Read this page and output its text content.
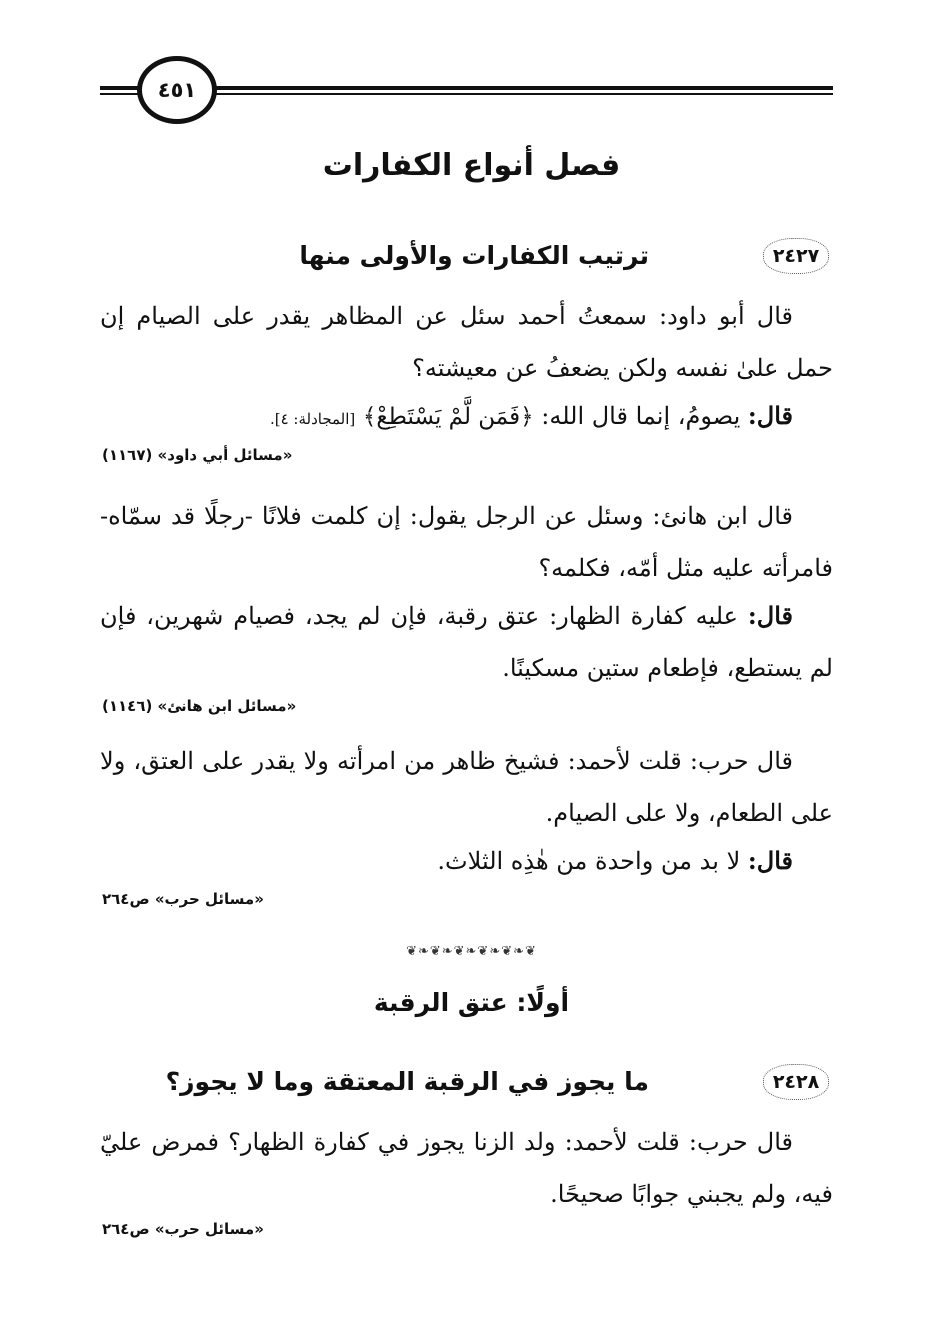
٤٥١
فصل أنواع الكفارات
٢٤٢٧
ترتيب الكفارات والأولى منها

قال أبو داود: سمعتُ أحمد سئل عن المظاهر يقدر على الصيام إن حمل علىٰ نفسه ولكن يضعفُ عن معيشته؟

قال: يصومُ، إنما قال الله: ﴿فَمَن لَّمْ يَسْتَطِعْ﴾ [المجادلة: ٤].

«مسائل أبي داود» (١١٦٧)

قال ابن هانئ: وسئل عن الرجل يقول: إن كلمت فلانًا -رجلًا قد سمّاه- فامرأته عليه مثل أمّه، فكلمه؟

قال: عليه كفارة الظهار: عتق رقبة، فإن لم يجد، فصيام شهرين، فإن لم يستطع، فإطعام ستين مسكينًا.

«مسائل ابن هانئ» (١١٤٦)

قال حرب: قلت لأحمد: فشيخ ظاهر من امرأته ولا يقدر على العتق، ولا على الطعام، ولا على الصيام.

قال: لا بد من واحدة من هٰذِه الثلاث.

«مسائل حرب» ص٢٦٤
❦❧❦❧❦❧❦❧❦❧❦
أولًا: عتق الرقبة
٢٤٢٨
ما يجوز في الرقبة المعتقة وما لا يجوز؟

قال حرب: قلت لأحمد: ولد الزنا يجوز في كفارة الظهار؟ فمرض عليّ فيه، ولم يجبني جوابًا صحيحًا.

«مسائل حرب» ص٢٦٤
